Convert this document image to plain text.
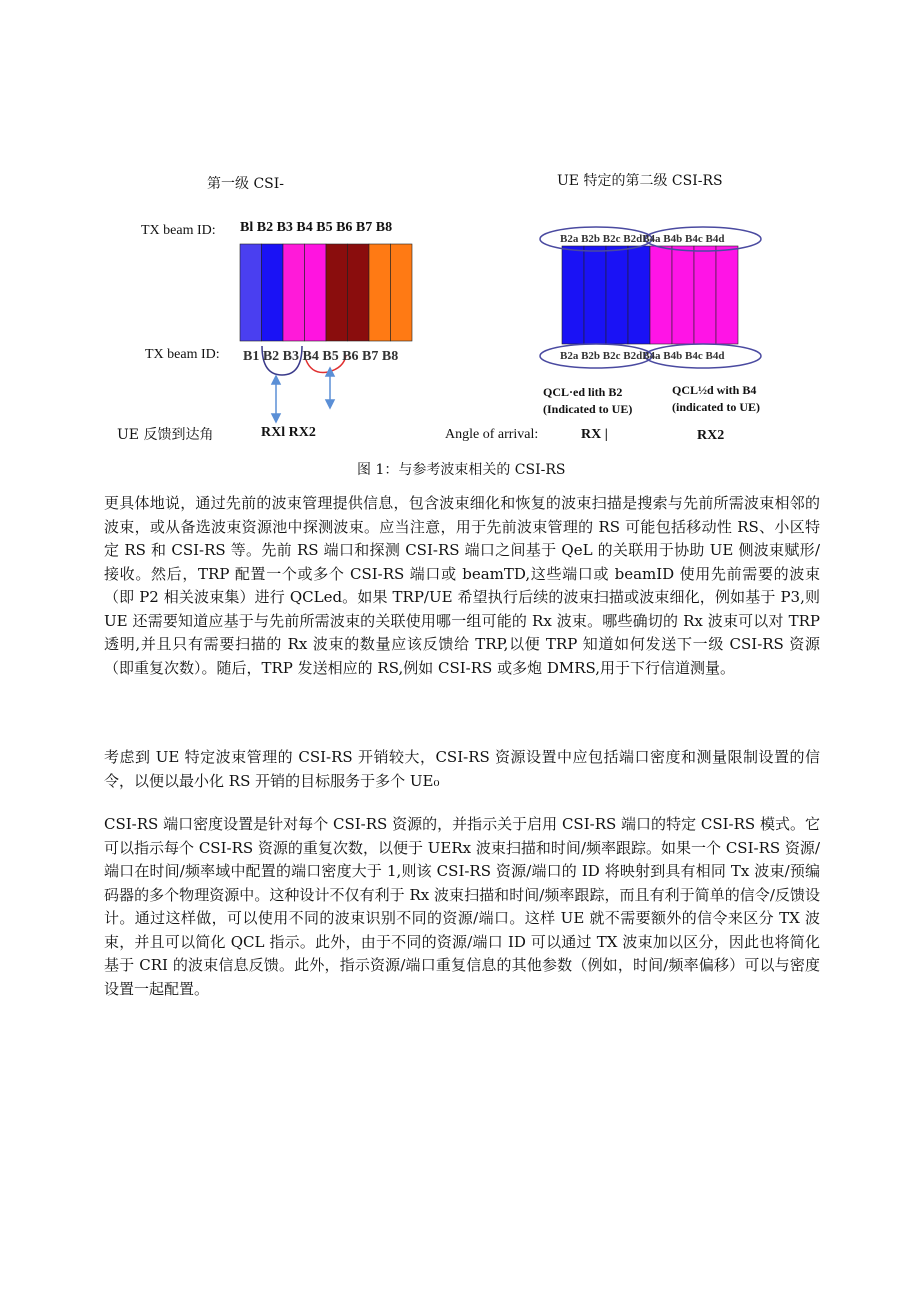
第一级 CSI-	UE 特定的第二级 CSI-RS
TX beam ID: Bl B2 B3 B4 B5 B6 B7 B8
TX beam ID: B1 B2 B3 B4 B5 B6 B7 B8
B2a B2b B2c B2dB4a B4b B4c B4d
B2a B2b B2c B2dB4a B4b B4c B4d
QCL·ed lith B2
(Indicated to UE)
QCL½d with B4
(indicated to UE)
UE 反馈到达角	RXl RX2	Angle of arrival:	RX |	RX2
图 1：与参考波束相关的 CSI-RS
更具体地说，通过先前的波束管理提供信息，包含波束细化和恢复的波束扫描是搜索与先前所需波束相邻的波束，或从备选波束资源池中探测波束。应当注意，用于先前波束管理的 RS 可能包括移动性 RS、小区特定 RS 和 CSI-RS 等。先前 RS 端口和探测 CSI-RS 端口之间基于 QeL 的关联用于协助 UE 侧波束赋形/接收。然后，TRP 配置一个或多个 CSI-RS 端口或 beamTD,这些端口或 beamID 使用先前需要的波束（即 P2 相关波束集）进行 QCLed。如果 TRP/UE 希望执行后续的波束扫描或波束细化，例如基于 P3,则 UE 还需要知道应基于与先前所需波束的关联使用哪一组可能的 Rx 波束。哪些确切的 Rx 波束可以对 TRP 透明,并且只有需要扫描的 Rx 波束的数量应该反馈给 TRP,以便 TRP 知道如何发送下一级 CSI-RS 资源（即重复次数）。随后，TRP 发送相应的 RS,例如 CSI-RS 或多炮 DMRS,用于下行信道测量。
考虑到 UE 特定波束管理的 CSI-RS 开销较大，CSI-RS 资源设置中应包括端口密度和测量限制设置的信令，以便以最小化 RS 开销的目标服务于多个 UE₀
CSI-RS 端口密度设置是针对每个 CSI-RS 资源的，并指示关于启用 CSI-RS 端口的特定 CSI-RS 模式。它可以指示每个 CSI-RS 资源的重复次数，以便于 UERx 波束扫描和时间/频率跟踪。如果一个 CSI-RS 资源/端口在时间/频率域中配置的端口密度大于 1,则该 CSI-RS 资源/端口的 ID 将映射到具有相同 Tx 波束/预编码器的多个物理资源中。这种设计不仅有利于 Rx 波束扫描和时间/频率跟踪，而且有利于简单的信令/反馈设计。通过这样做，可以使用不同的波束识别不同的资源/端口。这样 UE 就不需要额外的信令来区分 TX 波束，并且可以简化 QCL 指示。此外，由于不同的资源/端口 ID 可以通过 TX 波束加以区分，因此也将简化基于 CRI 的波束信息反馈。此外，指示资源/端口重复信息的其他参数（例如，时间/频率偏移）可以与密度设置一起配置。
